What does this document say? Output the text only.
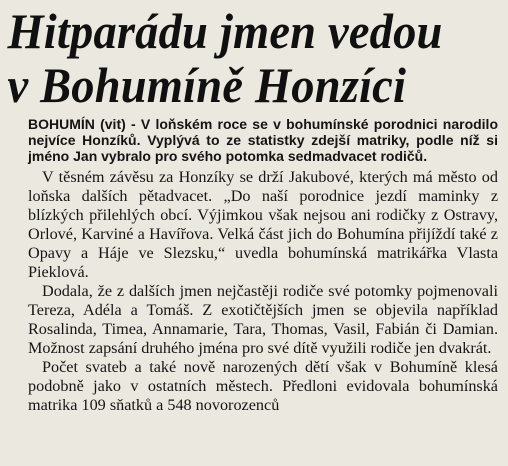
Hitparádu jmen vedou
v Bohumíně Honzíci
BOHUMÍN (vit) - V loňském roce se v bohumínské porodnici narodilo nejvíce Honzíků. Vyplývá to ze statistky zdejší matriky, podle níž si jméno Jan vybralo pro svého potomka sedmadvacet rodičů.

V těsném závěsu za Honzíky se drží Jakubové, kterých má město od loňska dalších pětadvacet. „Do naší porodnice jezdí maminky z blízkých přilehlých obcí. Výjimkou však nejsou ani rodičky z Ostravy, Orlové, Karviné a Havířova. Velká část jich do Bohumína přijíždí také z Opavy a Háje ve Slezsku,“ uvedla bohumínská matrikářka Vlasta Pieklová.

Dodala, že z dalších jmen nejčastěji rodiče své potomky pojmenovali Tereza, Adéla a Tomáš. Z exotičtějších jmen se objevila například Rosalinda, Timea, Annamarie, Tara, Thomas, Vasil, Fabián či Damian. Možnost zapsání druhého jména pro své dítě využili rodiče jen dvakrát.

Počet svateb a také nově narozených dětí však v Bohumíně klesá podobně jako v ostatních městech. Předloni evidovala bohumínská matrika 109 sňatků a 548 novorozenců
